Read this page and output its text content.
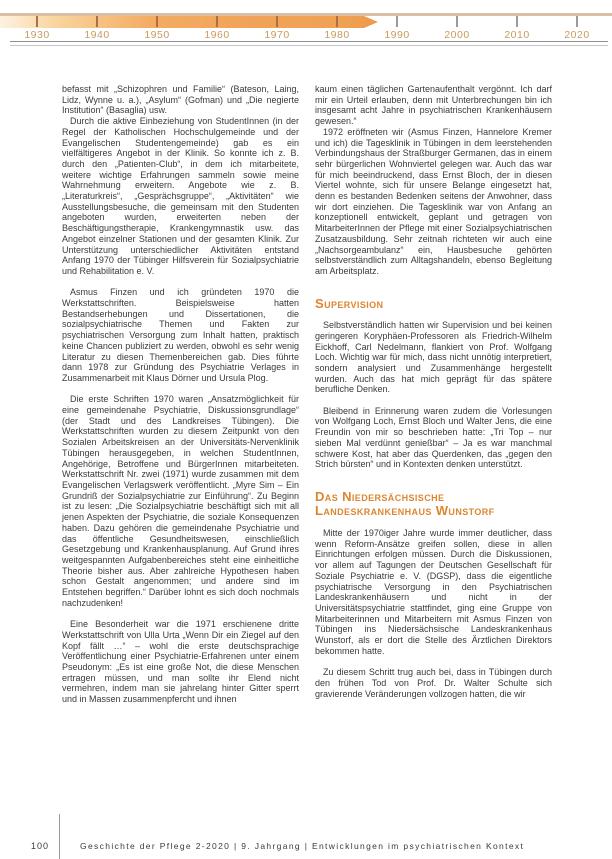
1930	1940	1950	1960	1970	1980	1990	2000	2010	2020

befasst mit „Schizophren und Familie“ (Bateson, Laing, Lidz, Wynne u. a.), „Asylum“ (Gofman) und „Die negierte Institution“ (Basaglia) usw.

Durch die aktive Einbeziehung von StudentInnen (in der Regel der Katholischen Hochschulgemeinde und der Evangelischen Studentengemeinde) gab es ein vielfältigeres Angebot in der Klinik. So konnte ich z. B. durch den „Patienten-Club“, in dem ich mitarbeitete, weitere wichtige Erfahrungen sammeln sowie meine Wahrnehmung erweitern. Angebote wie z. B. „Literaturkreis“, „Gesprächsgruppe“, „Aktivitäten“ wie Ausstellungsbesuche, die gemeinsam mit den Studenten angeboten wurden, erweiterten neben der Beschäftigungstherapie, Krankengymnastik usw. das Angebot einzelner Stationen und der gesamten Klinik. Zur Unterstützung unterschiedlicher Aktivitäten entstand Anfang 1970 der Tübinger Hilfsverein für Sozialpsychiatrie und Rehabilitation e. V.

Asmus Finzen und ich gründeten 1970 die Werkstattschriften. Beispielsweise hatten Bestandserhebungen und Dissertationen, die sozialpsychiatrische Themen und Fakten zur psychiatrischen Versorgung zum Inhalt hatten, praktisch keine Chancen publiziert zu werden, obwohl es sehr wenig Literatur zu diesen Themenbereichen gab. Dies führte dann 1978 zur Gründung des Psychiatrie Verlages in Zusammenarbeit mit Klaus Dörner und Ursula Plog.

Die erste Schriften 1970 waren „Ansatzmöglichkeit für eine gemeindenahe Psychiatrie, Diskussionsgrundlage“ (der Stadt und des Landkreises Tübingen). Die Werkstattschriften wurden zu diesem Zeitpunkt von den Sozialen Arbeitskreisen an der Universitäts-Nervenklinik Tübingen herausgegeben, in welchen StudentInnen, Angehörige, Betroffene und BürgerInnen mitarbeiteten. Werkstattschrift Nr. zwei (1971) wurde zusammen mit dem Evangelischen Verlagswerk veröffentlicht. „Myre Sim – Ein Grundriß der Sozialpsychiatrie zur Einführung“. Zu Beginn ist zu lesen: „Die Sozialpsychiatrie beschäftigt sich mit all jenen Aspekten der Psychiatrie, die soziale Konsequenzen haben. Dazu gehören die gemeindenahe Psychiatrie und das öffentliche Gesundheitswesen, einschließlich Gesetzgebung und Krankenhausplanung. Auf Grund ihres weitgespannten Aufgabenbereiches steht eine einheitliche Theorie bisher aus. Aber zahlreiche Hypothesen haben schon Gestalt angenommen; und andere sind im Entstehen begriffen.“ Darüber lohnt es sich doch nochmals nachzudenken!

Eine Besonderheit war die 1971 erschienene dritte Werkstattschrift von Ulla Urta „Wenn Dir ein Ziegel auf den Kopf fällt …“ – wohl die erste deutschsprachige Veröffentlichung einer Psychiatrie-Erfahrenen unter einem Pseudonym: „Es ist eine große Not, die diese Menschen ertragen müssen, und man sollte ihr Elend nicht vermehren, indem man sie jahrelang hinter Gitter sperrt und in Massen zusammenpfercht und ihnen

kaum einen täglichen Gartenaufenthalt vergönnt. Ich darf mir ein Urteil erlauben, denn mit Unterbrechungen bin ich insgesamt acht Jahre in psychiatrischen Krankenhäusern gewesen.“

1972 eröffneten wir (Asmus Finzen, Hannelore Kremer und ich) die Tagesklinik in Tübingen in dem leerstehenden Verbindungshaus der Straßburger Germanen, das in einem sehr bürgerlichen Wohnviertel gelegen war. Auch das war für mich beeindruckend, dass Ernst Bloch, der in diesen Viertel wohnte, sich für unsere Belange eingesetzt hat, denn es bestanden Bedenken seitens der Anwohner, dass wir dort einziehen. Die Tagesklinik war von Anfang an konzeptionell entwickelt, geplant und getragen von MitarbeiterInnen der Pflege mit einer Sozialpsychiatrischen Zusatzausbildung. Sehr zeitnah richteten wir auch eine „Nachsorgeambulanz“ ein, Hausbesuche gehörten selbstverständlich zum Alltagshandeln, ebenso Begleitung am Arbeitsplatz.

Supervision

Selbstverständlich hatten wir Supervision und bei keinen geringeren Koryphäen-Professoren als Friedrich-Wilhelm Eickhoff, Carl Nedelmann, flankiert von Prof. Wolfgang Loch. Wichtig war für mich, dass nicht unnötig interpretiert, sondern analysiert und Zusammenhänge hergestellt wurden. Auch das hat mich geprägt für das spätere berufliche Denken.

Bleibend in Erinnerung waren zudem die Vorlesungen von Wolfgang Loch, Ernst Bloch und Walter Jens, die eine Freundin von mir so beschrieben hatte: „Tri Top – nur sieben Mal verdünnt genießbar“ – Ja es war manchmal schwere Kost, hat aber das Querdenken, das „gegen den Strich bürsten“ und in Kontexten denken unterstützt.

Das Niedersächsische Landeskrankenhaus Wunstorf

Mitte der 1970iger Jahre wurde immer deutlicher, dass wenn Reform-Ansätze greifen sollen, diese in allen Einrichtungen erfolgen müssen. Durch die Diskussionen, vor allem auf Tagungen der Deutschen Gesellschaft für Soziale Psychiatrie e. V. (DGSP), dass die eigentliche psychiatrische Versorgung in den Psychiatrischen Landeskrankenhäusern und nicht in der Universitätspsychiatrie stattfindet, ging eine Gruppe von Mitarbeiterinnen und Mitarbeitern mit Asmus Finzen von Tübingen ins Niedersächsische Landeskrankenhaus Wunstorf, als er dort die Stelle des Ärztlichen Direktors bekommen hatte.

Zu diesem Schritt trug auch bei, dass in Tübingen durch den frühen Tod von Prof. Dr. Walter Schulte sich gravierende Veränderungen vollzogen hatten, die wir

100	Geschichte der Pflege 2-2020 | 9. Jahrgang | Entwicklungen im psychiatrischen Kontext
